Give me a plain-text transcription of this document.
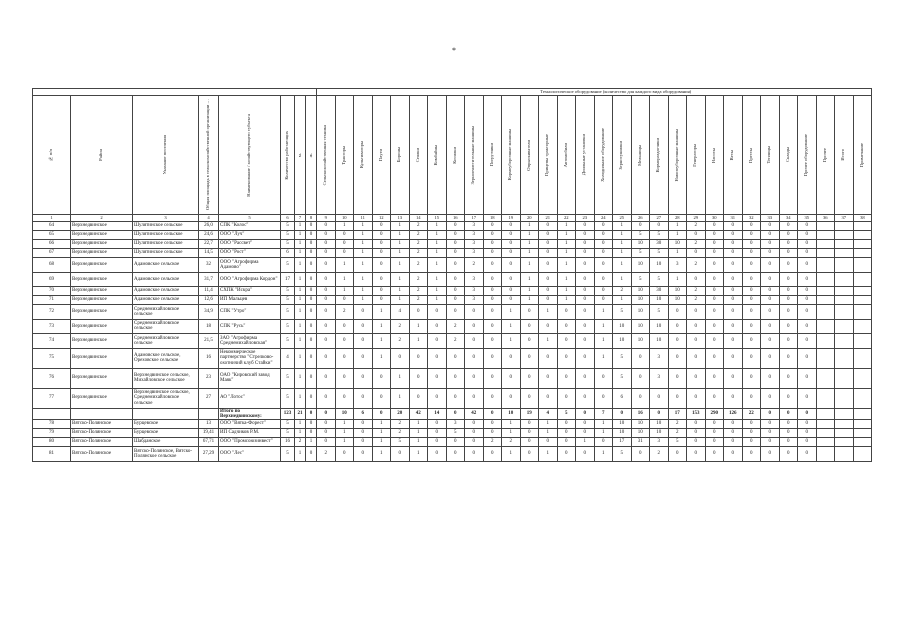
*
								Технологическое оборудование (количество для каждого вида оборудования)																													

№ п/п	Район	Указание поселения	Общая площадь в сельскохозяйственной организации …	Наименование / хозяйствующего субъекта	Количество работающих	м.	ж.	Сельскохозяйственная техника	Тракторы	Культиваторы	Плуги	Бороны	Сеялки	Комбайны	Косилки	Зерноочистительные машины	Погрузчики	Кормоуборочные машины	Опрыскиватели	Прицепы тракторные	Автомобили	Доильные установки	Холодильное оборудование	Зерносушилки	Мельницы	Кормораздатчики	Навозоуборочные машины	Генераторы	Насосы	Весы	Прессы	Теплицы	Склады	Прочее оборудование	Прочее	Итого	Примечание

1	2	3	4	5	6	7	8	9	10	11	12	13	14	15	16	17	18	19	20	21	22	23	24	25	26	27	28	29	30	31	32	33	34	35	36	37	38
64	Верхнедвинское	Шулятинское сельское	26,0	СПК "Колос"	5	1	0	0	1	1	0	1	2	1	0	3	0	0	1	0	1	0	0	1	0	0	1	2	0	0	0	0	0	0			
65	Верхнедвинское	Шулятинское сельское	24,6	ООО "Луч"	5	1	0	0	0	1	0	1	2	1	0	3	0	0	1	0	1	0	0	1	5	5	1	0	0	0	0	0	0	0			
66	Верхнедвинское	Шулятинское сельское	22,7	ООО "Рассвет"	5	1	0	0	0	1	0	1	2	1	0	3	0	0	1	0	1	0	0	1	10	30	10	2	0	0	0	0	0	0			
67	Верхнедвинское	Шулятинское сельское	14,5	ООО "Рост"	6	1	0	0	0	1	0	1	2	1	0	3	0	0	1	0	1	0	0	1	5	5	1	0	0	0	0	0	0	0			
68	Верхнедвинское	Адамовское сельское	32	ООО "Агрофирма Адамово"	5	1	0	0	1	1	0	1	2	1	0	2	0	0	1	0	1	0	0	1	10	10	3	2	0	0	0	0	0	0			
69	Верхнедвинское	Адамовское сельское	31,7	ООО "Агрофирма Кордон"	17	1	0	0	1	1	0	1	2	1	0	3	0	0	1	0	1	0	0	1	5	5	1	0	0	0	0	0	0	0			
70	Верхнедвинское	Адамовское сельское	11,4	СХПК "Искра"	5	1	0	0	1	1	0	1	2	1	0	3	0	0	1	0	1	0	0	2	10	30	10	2	0	0	0	0	0	0			
71	Верхнедвинское	Адамовское сельское	12,6	ИП Мальцев	5	1	0	0	0	1	0	1	2	1	0	3	0	0	1	0	1	0	0	1	10	10	10	2	0	0	0	0	0	0			
72	Верхнедвинское	Среднемихайловское сельское	34,9	СПК "Утро"	5	1	0	0	2	0	1	4	0	0	0	0	0	1	0	1	0	0	1	5	10	5	0	0	0	0	0	0	0	0			
73	Верхнедвинское	Среднемихайловское сельское	18	СПК "Русь"	5	1	0	0	0	0	1	2	1	0	2	0	0	1	0	0	0	0	1	10	10	10	0	0	0	0	0	0	0	0			
74	Верхнедвинское	Среднемихайловское сельское	21,5	ЗАО "Агрофирма Среднемихайловская"	5	1	0	0	0	0	1	2	1	0	2	0	0	1	0	1	0	0	1	10	10	10	0	0	0	0	0	0	0	0			
75	Верхнедвинское	Адамовское сельское, Ореховское сельское	16	Некоммерческое партнерство "Стрелково-охотничий клуб Стайки"	4	1	0	0	0	0	1	0	0	0	0	0	0	0	0	0	0	0	1	5	0	3	0	0	0	0	0	0	0	0			
76	Верхнедвинское	Верхнедвинское сельское, Михайловское сельское	23	ОАО "Кировский завод Маяк"	5	1	0	0	0	0	0	1	0	0	0	0	0	0	0	0	0	0	0	5	0	3	0	0	0	0	0	0	0	0			
77	Верхнедвинское	Верхнедвинское сельское, Среднемихайловское сельское	27	АО "Лотос"	5	1	0	0	0	0	0	1	0	0	0	0	0	0	0	0	0	0	0	6	0	0	0	0	0	0	0	0	0	0			
				Итого по Верхнедвинскому:	123	21	0	0	10	6	0	20	42	14	0	42	0	10	19	4	5	0	7	0	16	0	17	153	290	126	22	0	0	0			
78	Вятско-Полянское	Бурцевское	13	ООО "Вятка-Форест"	5	1	0	0	1	0	1	2	1	0	3	0	0	1	0	1	0	0	1	10	10	10	2	0	0	0	0	0	0	0			
79	Вятско-Полянское	Бурцевское	19,41	ИП Садчиков Р.М.	5	1	0	0	1	0	1	2	1	0	5	0	0	1	0	1	0	0	1	10	10	10	2	0	0	0	0	0	0	0			
80	Вятско-Полянское	Шабданское	67,71	ООО "Промсоюзинвест"	16	2	1	0	1	0	1	5	1	0	0	0	2	2	0	0	0	1	0	17	31	3	5	0	0	0	0	0	0	0			
81	Вятско-Полянское	Вятско-Полянское, Вятско-Полянское сельское	27,29	ООО "Лес"	5	1	0	2	0	0	1	0	1	0	0	0	0	1	0	1	0	0	1	5	0	2	0	0	0	0	0	0	0	0			
